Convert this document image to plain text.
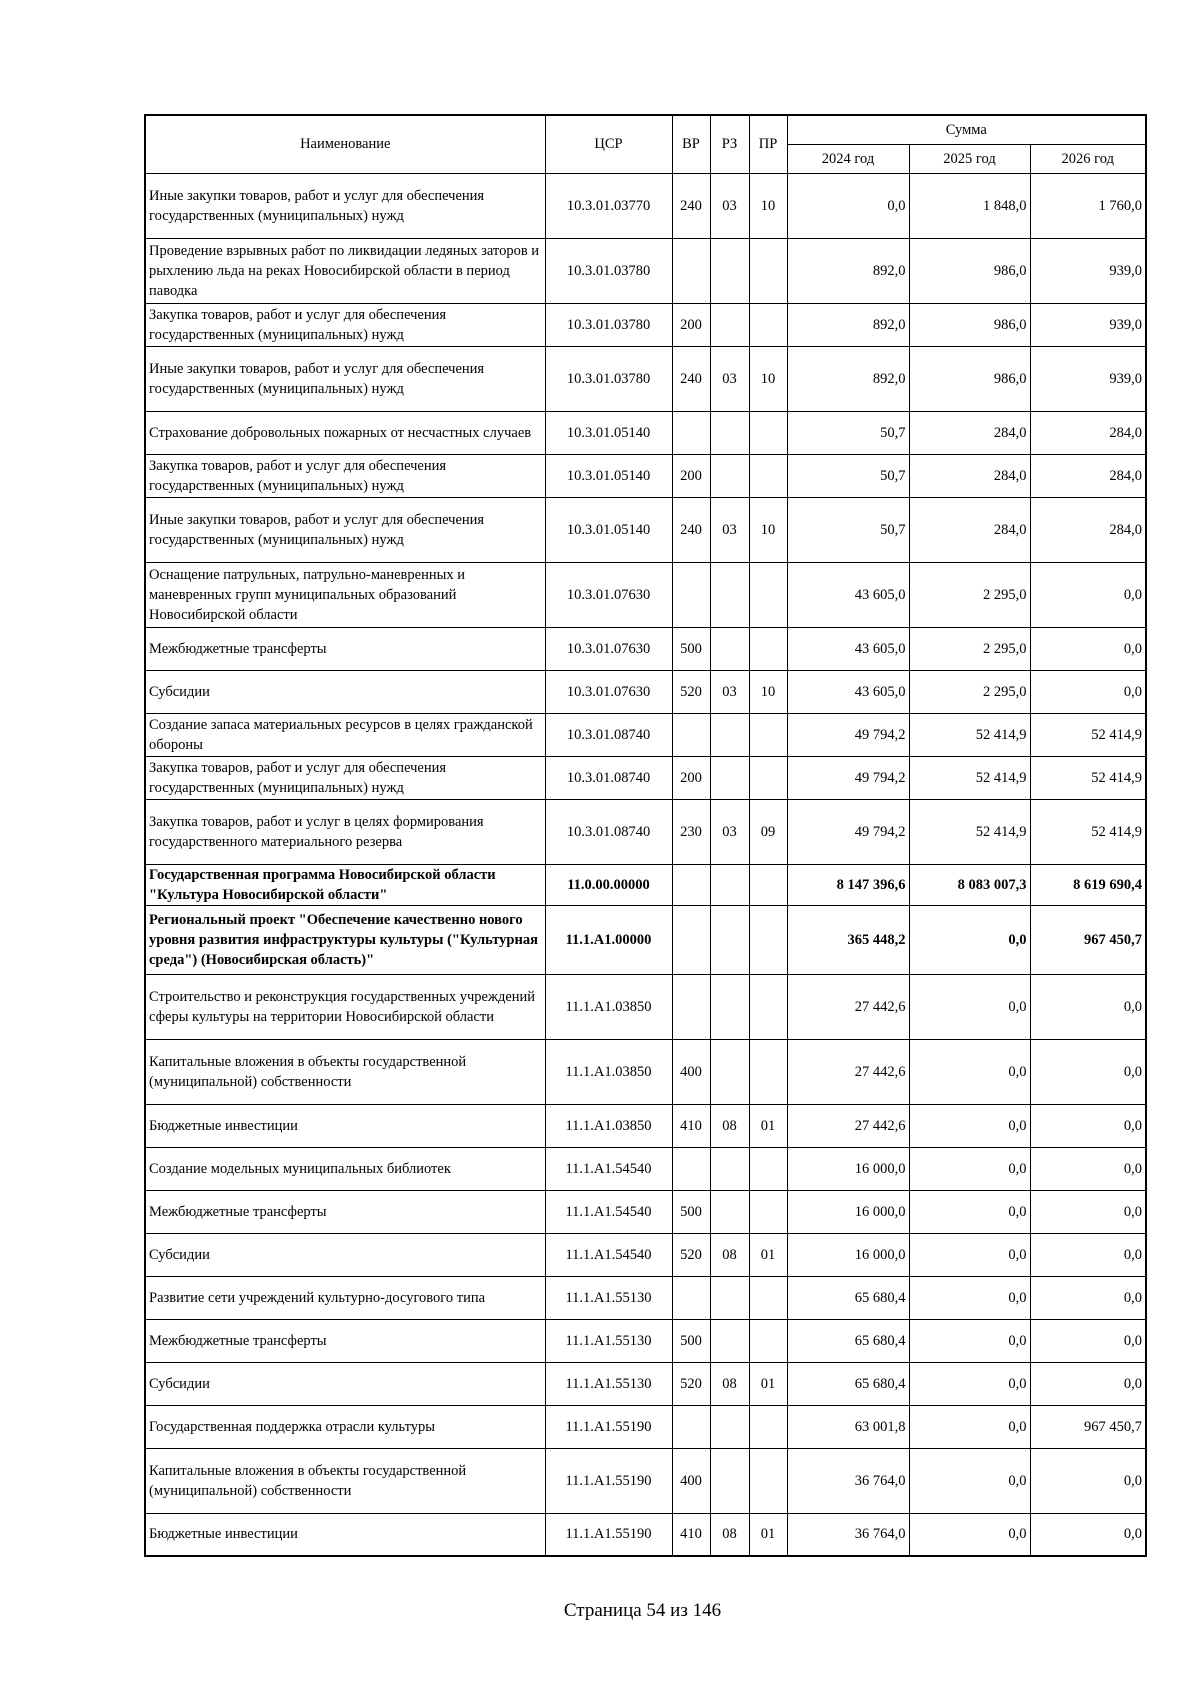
Наименование	ЦСР	ВР	РЗ	ПР	Сумма		
					2024 год	2025 год	2026 год
Иные закупки товаров, работ и услуг для обеспечения государственных (муниципальных) нужд	10.3.01.03770	240	03	10	0,0	1 848,0	1 760,0
Проведение взрывных работ по ликвидации ледяных заторов и рыхлению льда на реках Новосибирской области в период паводка	10.3.01.03780				892,0	986,0	939,0
Закупка товаров, работ и услуг для обеспечения государственных (муниципальных) нужд	10.3.01.03780	200			892,0	986,0	939,0
Иные закупки товаров, работ и услуг для обеспечения государственных (муниципальных) нужд	10.3.01.03780	240	03	10	892,0	986,0	939,0
Страхование добровольных пожарных от несчастных случаев	10.3.01.05140				50,7	284,0	284,0
Закупка товаров, работ и услуг для обеспечения государственных (муниципальных) нужд	10.3.01.05140	200			50,7	284,0	284,0
Иные закупки товаров, работ и услуг для обеспечения государственных (муниципальных) нужд	10.3.01.05140	240	03	10	50,7	284,0	284,0
Оснащение патрульных, патрульно-маневренных и маневренных групп муниципальных образований Новосибирской области	10.3.01.07630				43 605,0	2 295,0	0,0
Межбюджетные трансферты	10.3.01.07630	500			43 605,0	2 295,0	0,0
Субсидии	10.3.01.07630	520	03	10	43 605,0	2 295,0	0,0
Создание запаса материальных ресурсов в целях гражданской обороны	10.3.01.08740				49 794,2	52 414,9	52 414,9
Закупка товаров, работ и услуг для обеспечения государственных (муниципальных) нужд	10.3.01.08740	200			49 794,2	52 414,9	52 414,9
Закупка товаров, работ и услуг в целях формирования государственного материального резерва	10.3.01.08740	230	03	09	49 794,2	52 414,9	52 414,9
Государственная программа Новосибирской области "Культура Новосибирской области"	11.0.00.00000				8 147 396,6	8 083 007,3	8 619 690,4
Региональный проект "Обеспечение качественно нового уровня развития инфраструктуры культуры ("Культурная среда") (Новосибирская область)"	11.1.А1.00000				365 448,2	0,0	967 450,7
Строительство и реконструкция государственных учреждений сферы культуры на территории Новосибирской области	11.1.А1.03850				27 442,6	0,0	0,0
Капитальные вложения в объекты государственной (муниципальной) собственности	11.1.А1.03850	400			27 442,6	0,0	0,0
Бюджетные инвестиции	11.1.А1.03850	410	08	01	27 442,6	0,0	0,0
Создание модельных муниципальных библиотек	11.1.А1.54540				16 000,0	0,0	0,0
Межбюджетные трансферты	11.1.А1.54540	500			16 000,0	0,0	0,0
Субсидии	11.1.А1.54540	520	08	01	16 000,0	0,0	0,0
Развитие сети учреждений культурно-досугового типа	11.1.А1.55130				65 680,4	0,0	0,0
Межбюджетные трансферты	11.1.А1.55130	500			65 680,4	0,0	0,0
Субсидии	11.1.А1.55130	520	08	01	65 680,4	0,0	0,0
Государственная поддержка отрасли культуры	11.1.А1.55190				63 001,8	0,0	967 450,7
Капитальные вложения в объекты государственной (муниципальной) собственности	11.1.А1.55190	400			36 764,0	0,0	0,0
Бюджетные инвестиции	11.1.А1.55190	410	08	01	36 764,0	0,0	0,0
Страница 54 из 146
